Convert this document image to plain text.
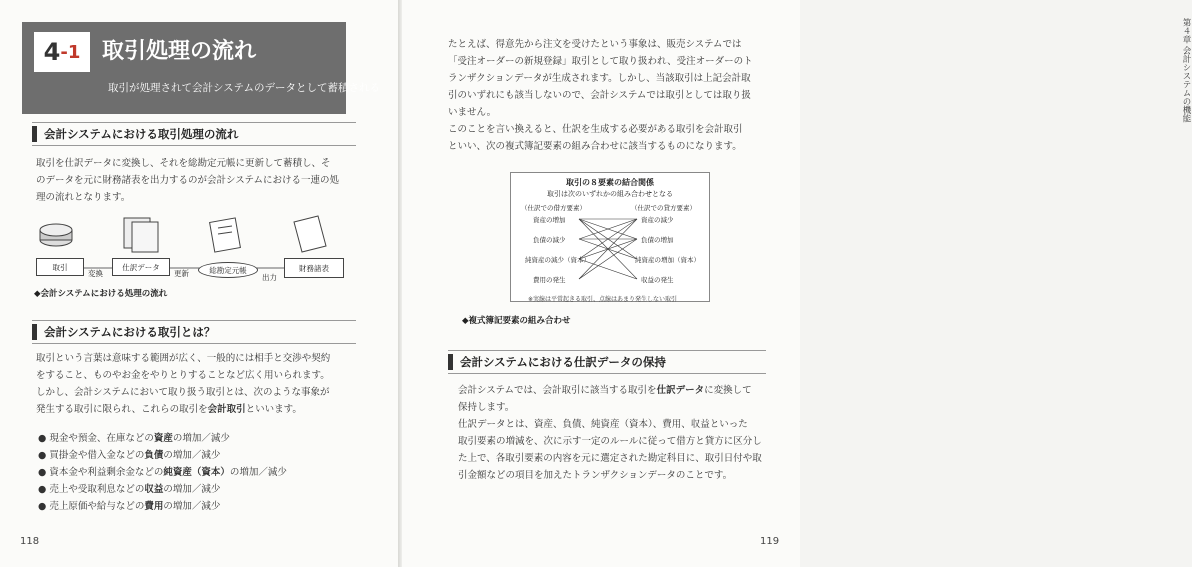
4 -1 取引処理の流れ
取引が処理されて会計システムのデータとして蓄積される
会計システムにおける取引処理の流れ
取引を仕訳データに変換し、それを総勘定元帳に更新して蓄積し、そ
のデータを元に財務諸表を出力するのが会計システムにおける一連の処
理の流れとなります。
取引
変換
仕訳データ
更新	総勘定元帳
出力
財務諸表
◆会計システムにおける処理の流れ
会計システムにおける取引とは？
取引という言葉は意味する範囲が広く、一般的には相手と交渉や契約
をすること、ものやお金をやりとりすることなど広く用いられます。
しかし、会計システムにおいて取り扱う取引とは、次のような事象が
発生する取引に限られ、これらの取引を会計取引といいます。
● 現金や預金、在庫などの資産の増加／減少
● 買掛金や借入金などの負債の増加／減少
● 資本金や利益剰余金などの純資産（資本）の増加／減少
● 売上や受取利息などの収益の増加／減少
● 売上原価や給与などの費用の増加／減少
118
たとえば、得意先から注文を受けたという事象は、販売システムでは
「受注オーダーの新規登録」取引として取り扱われ、受注オーダーのト
ランザクションデータが生成されます。しかし、当該取引は上記会計取
引のいずれにも該当しないので、会計システムでは取引としては取り扱
いません。
このことを言い換えると、仕訳を生成する必要がある取引を会計取引
といい、次の複式簿記要素の組み合わせに該当するものになります。
第４章 会計システムの機能
119
取引の８要素の結合関係
取引は次のいずれかの組み合わせとなる
（仕訳での借方要素）	（仕訳での貸方要素）
資産の増加
負債の減少
純資産の減少（資本）
費用の発生
資産の減少
負債の増加
純資産の増加（資本）
収益の発生
※実線は平常起きる取引、点線はあまり発生しない取引
◆複式簿記要素の組み合わせ
会計システムにおける仕訳データの保持
会計システムでは、会計取引に該当する取引を仕訳データに変換して
保持します。
仕訳データとは、資産、負債、純資産（資本）、費用、収益といった
取引要素の増減を、次に示す一定のルールに従って借方と貸方に区分し
た上で、各取引要素の内容を元に選定された勘定科目に、取引日付や取
引金額などの項目を加えたトランザクションデータのことです。
